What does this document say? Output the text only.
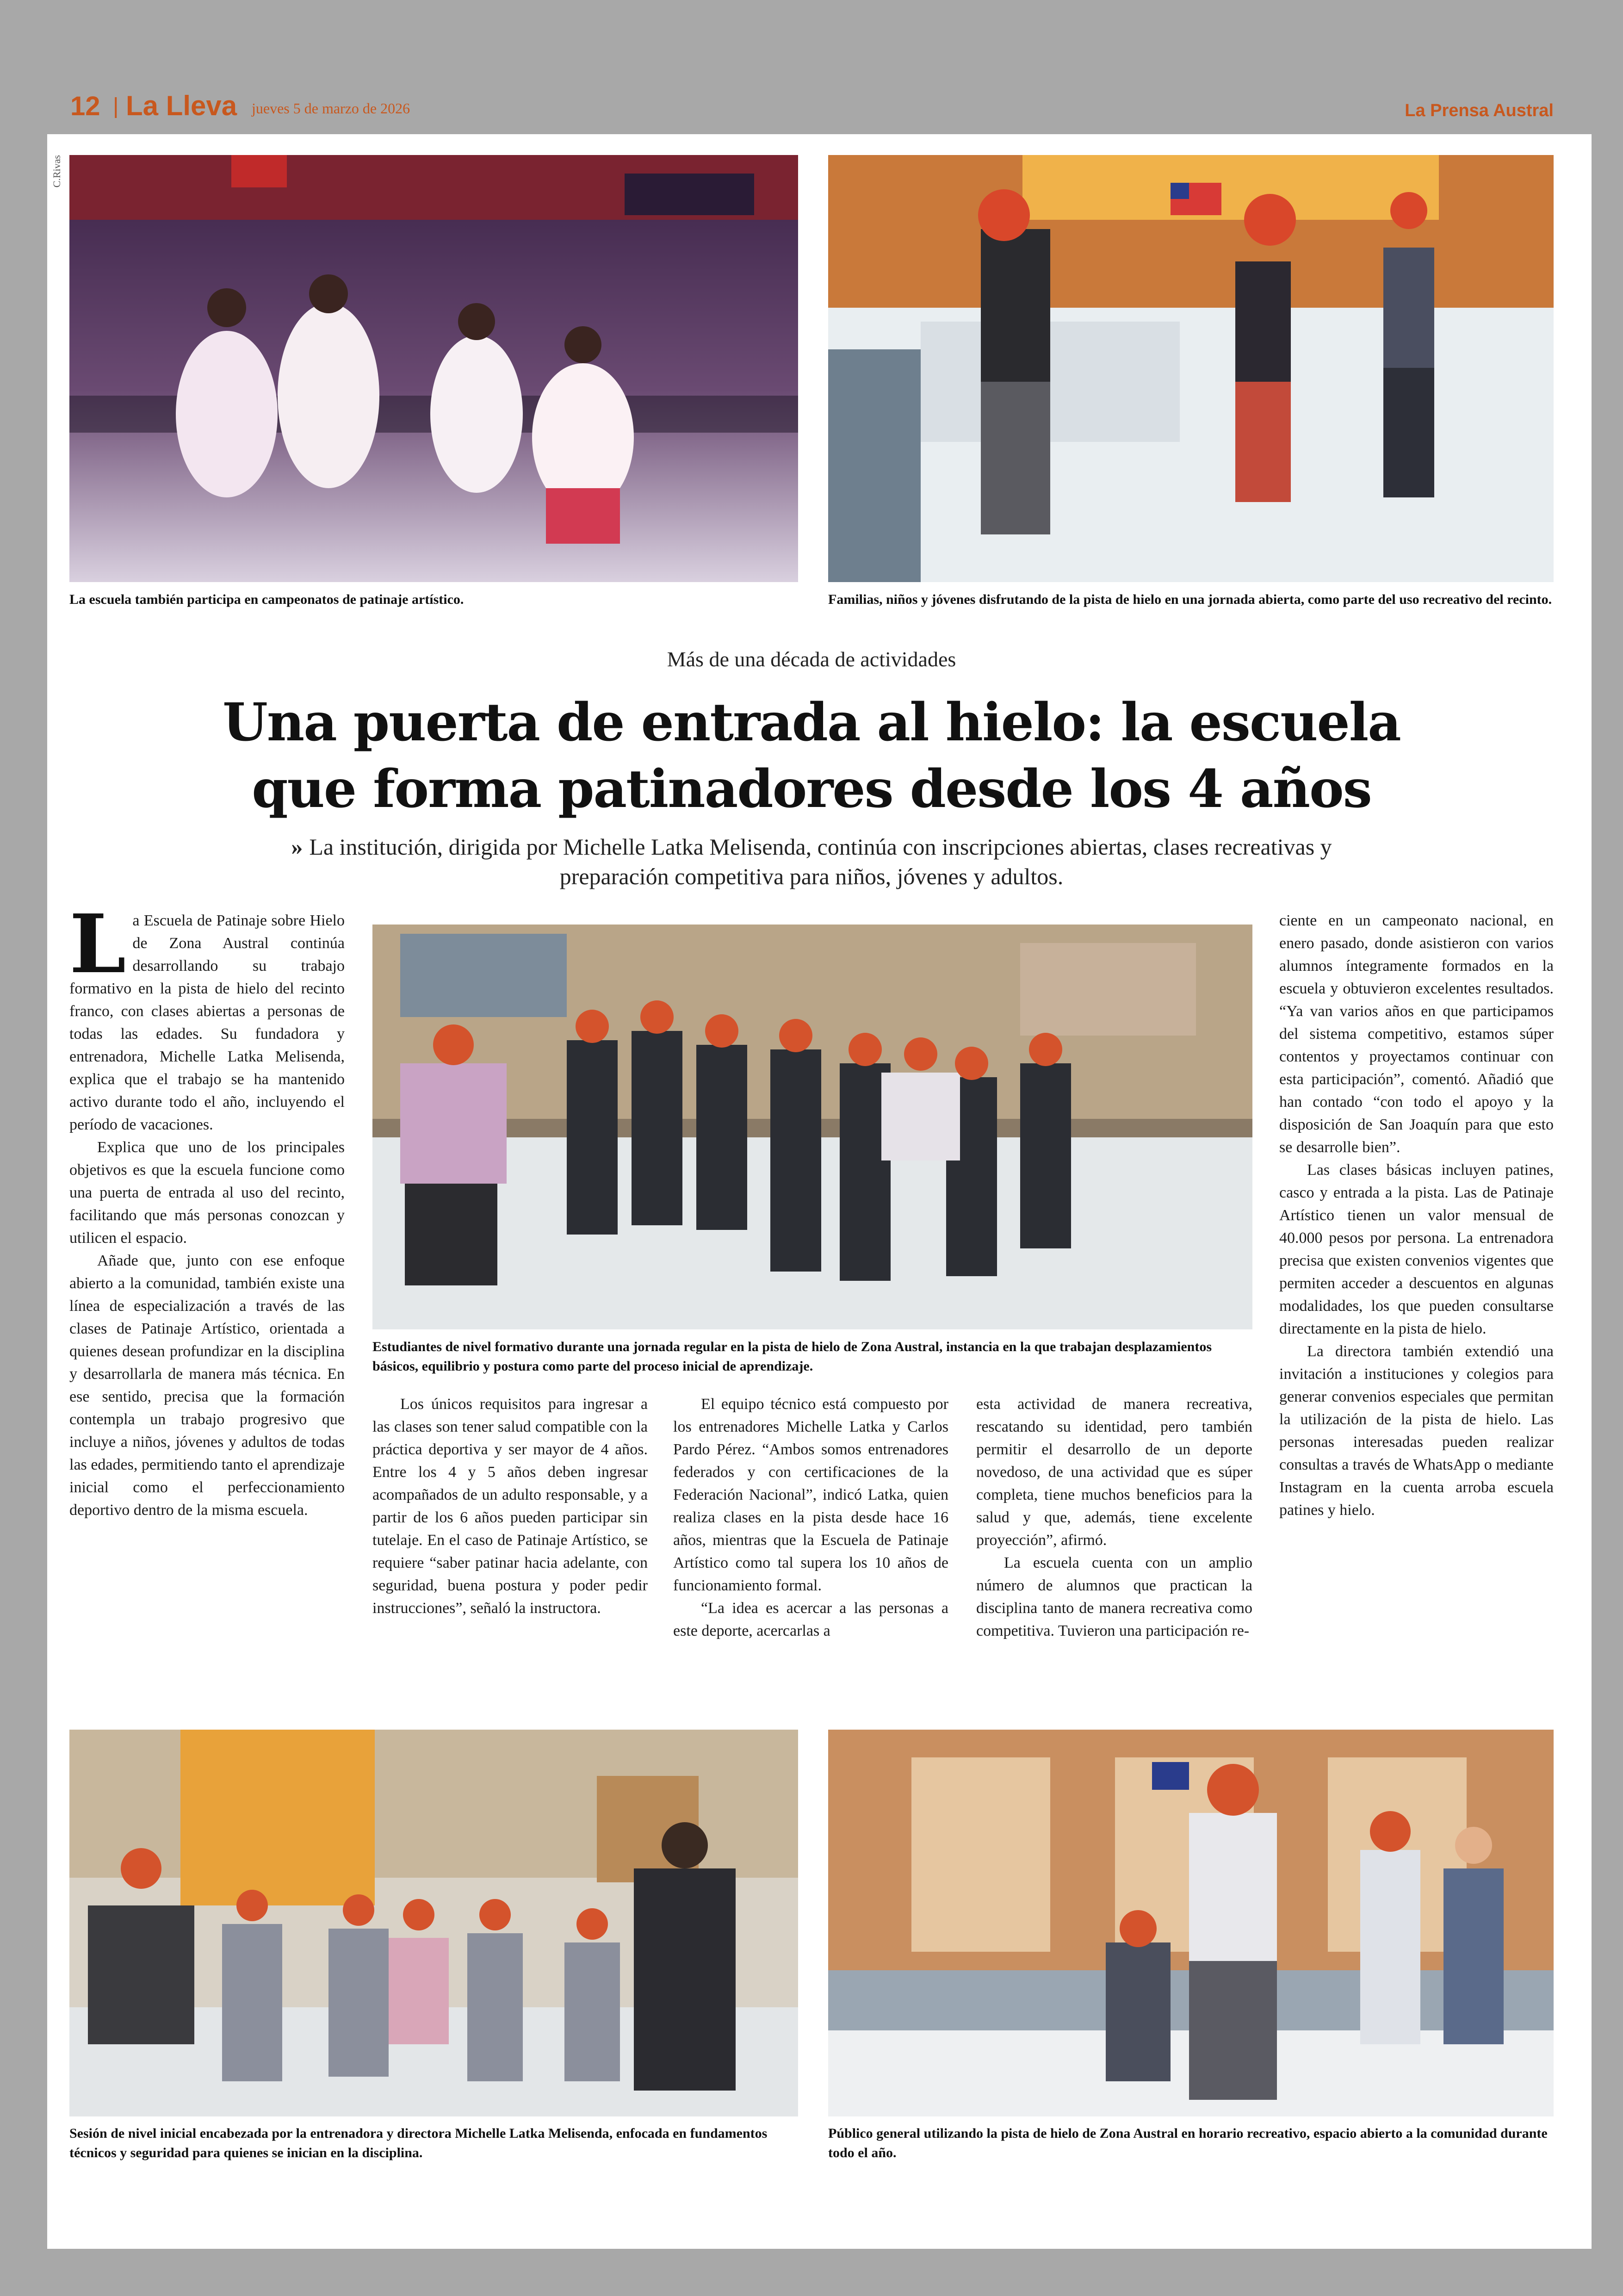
12 | La Lleva jueves 5 de marzo de 2026	La Prensa Austral
C.Rivas
La escuela también participa en campeonatos de patinaje artístico.	Familias, niños y jóvenes disfrutando de la pista de hielo en una jornada abierta, como parte del uso recreativo del recinto.
Más de una década de actividades
Una puerta de entrada al hielo: la escuela que forma patinadores desde los 4 años
» La institución, dirigida por Michelle Latka Melisenda, continúa con inscripciones abiertas, clases recreativas y preparación competitiva para niños, jóvenes y adultos.

La Escuela de Patinaje sobre Hielo de Zona Austral continúa desarrollando su trabajo formativo en la pista de hielo del recinto franco, con clases abiertas a personas de todas las edades. Su fundadora y entrenadora, Michelle Latka Melisenda, explica que el trabajo se ha mantenido activo durante todo el año, incluyendo el período de vacaciones.

Explica que uno de los principales objetivos es que la escuela funcione como una puerta de entrada al uso del recinto, facilitando que más personas conozcan y utilicen el espacio.

Añade que, junto con ese enfoque abierto a la comunidad, también existe una línea de especialización a través de las clases de Patinaje Artístico, orientada a quienes desean profundizar en la disciplina y desarrollarla de manera más técnica. En ese sentido, precisa que la formación contempla un trabajo progresivo que incluye a niños, jóvenes y adultos de todas las edades, permitiendo tanto el aprendizaje inicial como el perfeccionamiento deportivo dentro de la misma escuela.

Estudiantes de nivel formativo durante una jornada regular en la pista de hielo de Zona Austral, instancia en la que trabajan desplazamientos básicos, equilibrio y postura como parte del proceso inicial de aprendizaje.

Los únicos requisitos para ingresar a las clases son tener salud compatible con la práctica deportiva y ser mayor de 4 años. Entre los 4 y 5 años deben ingresar acompañados de un adulto responsable, y a partir de los 6 años pueden participar sin tutelaje. En el caso de Patinaje Artístico, se requiere “saber patinar hacia adelante, con seguridad, buena postura y poder pedir instrucciones”, señaló la instructora.

El equipo técnico está compuesto por los entrenadores Michelle Latka y Carlos Pardo Pérez. “Ambos somos entrenadores federados y con certificaciones de la Federación Nacional”, indicó Latka, quien realiza clases en la pista desde hace 16 años, mientras que la Escuela de Patinaje Artístico como tal supera los 10 años de funcionamiento formal.

“La idea es acercar a las personas a este deporte, acercarlas a

esta actividad de manera recreativa, rescatando su identidad, pero también permitir el desarrollo de un deporte novedoso, de una actividad que es súper completa, tiene muchos beneficios para la salud y que, además, tiene excelente proyección”, afirmó.

La escuela cuenta con un amplio número de alumnos que practican la disciplina tanto de manera recreativa como competitiva. Tuvieron una participación re-

ciente en un campeonato nacional, en enero pasado, donde asistieron con varios alumnos íntegramente formados en la escuela y obtuvieron excelentes resultados. “Ya van varios años en que participamos del sistema competitivo, estamos súper contentos y proyectamos continuar con esta participación”, comentó. Añadió que han contado “con todo el apoyo y la disposición de San Joaquín para que esto se desarrolle bien”.

Las clases básicas incluyen patines, casco y entrada a la pista. Las de Patinaje Artístico tienen un valor mensual de 40.000 pesos por persona. La entrenadora precisa que existen convenios vigentes que permiten acceder a descuentos en algunas modalidades, los que pueden consultarse directamente en la pista de hielo.

La directora también extendió una invitación a instituciones y colegios para generar convenios especiales que permitan la utilización de la pista de hielo. Las personas interesadas pueden realizar consultas a través de WhatsApp o mediante Instagram en la cuenta arroba escuela patines y hielo.

Sesión de nivel inicial encabezada por la entrenadora y directora Michelle Latka Melisenda, enfocada en fundamentos técnicos y seguridad para quienes se inician en la disciplina.
Público general utilizando la pista de hielo de Zona Austral en horario recreativo, espacio abierto a la comunidad durante todo el año.
